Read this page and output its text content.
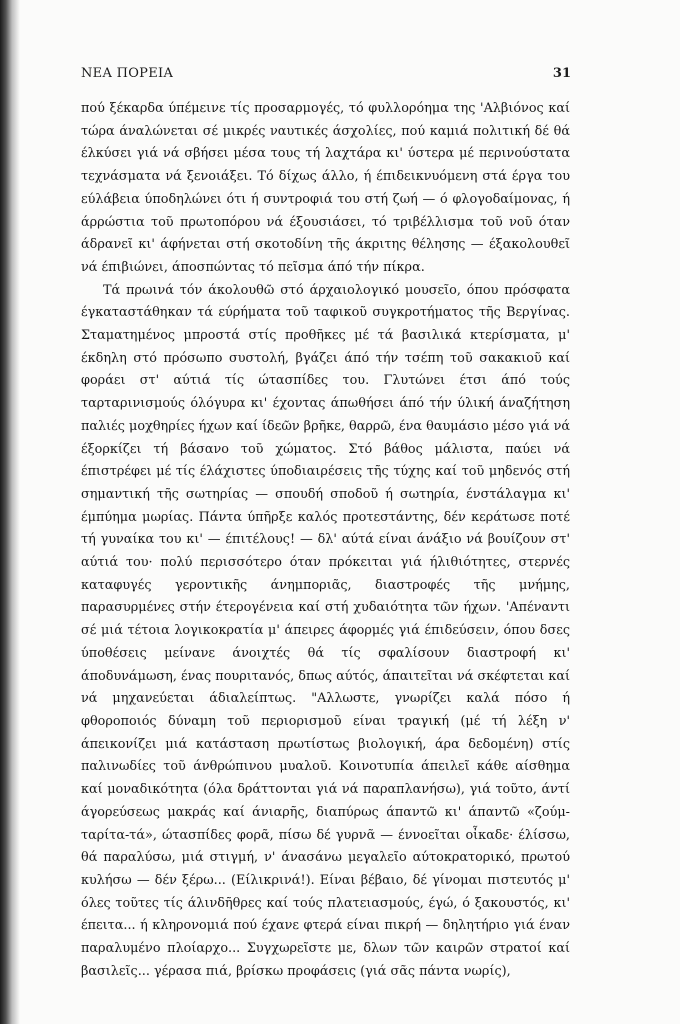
ΝΕΑ ΠΟΡΕΙΑ	31

πού ξέκαρδα ύπέμεινε τίς προσαρμογές, τό φυλλορόημα της 'Αλβιόνος καί τώρα άναλώνεται σέ μικρές ναυτικές άσχολίες, πού καμιά πολιτική δέ θά έλκύσει γιά νά σβήσει μέσα τους τή λαχτάρα κι' ύστερα μέ περινούστατα τεχνάσματα νά ξενοιάξει. Τό δίχως άλλο, ή έπιδεικνυόμενη στά έργα του εύλάβεια ύποδηλώνει ότι ή συντροφιά του στή ζωή — ό φλογοδαίμονας, ή άρρώστια τοῦ πρωτοπόρου νά έξουσιάσει, τό τριβέλλισμα τοῦ νοῦ όταν άδρανεῖ κι' άφήνεται στή σκοτοδίνη τῆς άκριτης θέλησης — έξακολουθεῖ νά έπιβιώνει, άποσπώντας τό πεῖσμα άπό τήν πίκρα.

Τά πρωινά τόν άκολουθῶ στό άρχαιολογικό μουσεῖο, όπου πρόσφατα έγκαταστάθηκαν τά εύρήματα τοῦ ταφικοῦ συγκροτήματος τῆς Βεργίνας. Σταματημένος μπροστά στίς προθῆκες μέ τά βασιλικά κτερίσματα, μ' έκδηλη στό πρόσωπο συστολή, βγάζει άπό τήν τσέπη τοῦ σακακιοῦ καί φοράει στ' αύτιά τίς ώτασπίδες του. Γλυτώνει έτσι άπό τούς ταρταρινισμούς όλόγυρα κι' έχοντας άπωθήσει άπό τήν ύλική άναζήτηση παλιές μοχθηρίες ήχων καί ίδεῶν βρῆκε, θαρρῶ, ένα θαυμάσιο μέσο γιά νά έξορκίζει τή βάσανο τοῦ χώματος. Στό βάθος μάλιστα, παύει νά έπιστρέφει μέ τίς έλάχιστες ύποδιαιρέσεις τῆς τύχης καί τοῦ μηδενός στή σημαντική τῆς σωτηρίας — σπουδή σποδοῦ ή σωτηρία, ένστάλαγμα κι' έμπύημα μωρίας. Πάντα ύπῆρξε καλός προτεστάντης, δέν κεράτωσε ποτέ τή γυναίκα του κι' — έπιτέλους! — δλ' αύτά είναι άνάξιο νά βουίζουν στ' αύτιά του· πολύ περισσότερο όταν πρόκειται γιά ήλιθιότητες, στερνές καταφυγές γεροντικῆς άνημποριᾶς, διαστροφές τῆς μνήμης, παρασυρμένες στήν έτερογένεια καί στή χυδαιότητα τῶν ήχων. 'Απέναντι σέ μιά τέτοια λογικοκρατία μ' άπειρες άφορμές γιά έπιδεύσειν, όπου δσες ύποθέσεις μείνανε άνοιχτές θά τίς σφαλίσουν διαστροφή κι' άποδυνάμωση, ένας πουριτανός, δπως αύτός, άπαιτεῖται νά σκέφτεται καί νά μηχανεύεται άδιαλείπτως. "Αλλωστε, γνωρίζει καλά πόσο ή φθοροποιός δύναμη τοῦ περιορισμοῦ είναι τραγική (μέ τή λέξη ν' άπεικονίζει μιά κατάσταση πρωτίστως βιολογική, άρα δεδομένη) στίς παλινωδίες τοῦ άνθρώπινου μυαλοῦ. Κοινοτυπία άπειλεῖ κάθε αίσθημα καί μοναδικότητα (όλα δράττονται γιά νά παραπλανήσω), γιά τοῦτο, άντί άγορεύσεως μακράς καί άνιαρῆς, διαπύρως άπαντῶ κι' άπαντῶ «ζούμ-ταρίτα-τά», ώτασπίδες φορᾶ, πίσω δέ γυρνᾶ — έννοεῖται οἶκαδε· έλίσσω, θά παραλύσω, μιά στιγμή, ν' άνασάνω μεγαλεῖο αύτοκρατορικό, πρωτού κυλήσω — δέν ξέρω... (Είλικρινά!). Είναι βέβαιο, δέ γίνομαι πιστευτός μ' όλες τοῦτες τίς άλινδῆθρες καί τούς πλατειασμούς, έγώ, ό ξακουστός, κι' έπειτα... ή κληρονομιά πού έχανε φτερά είναι πικρή — δηλητήριο γιά έναν παραλυμένο πλοίαρχο... Συγχωρεῖστε με, δλων τῶν καιρῶν στρατοί καί βασιλεῖς... γέρασα πιά, βρίσκω προφάσεις (γιά σᾶς πάντα νωρίς),
